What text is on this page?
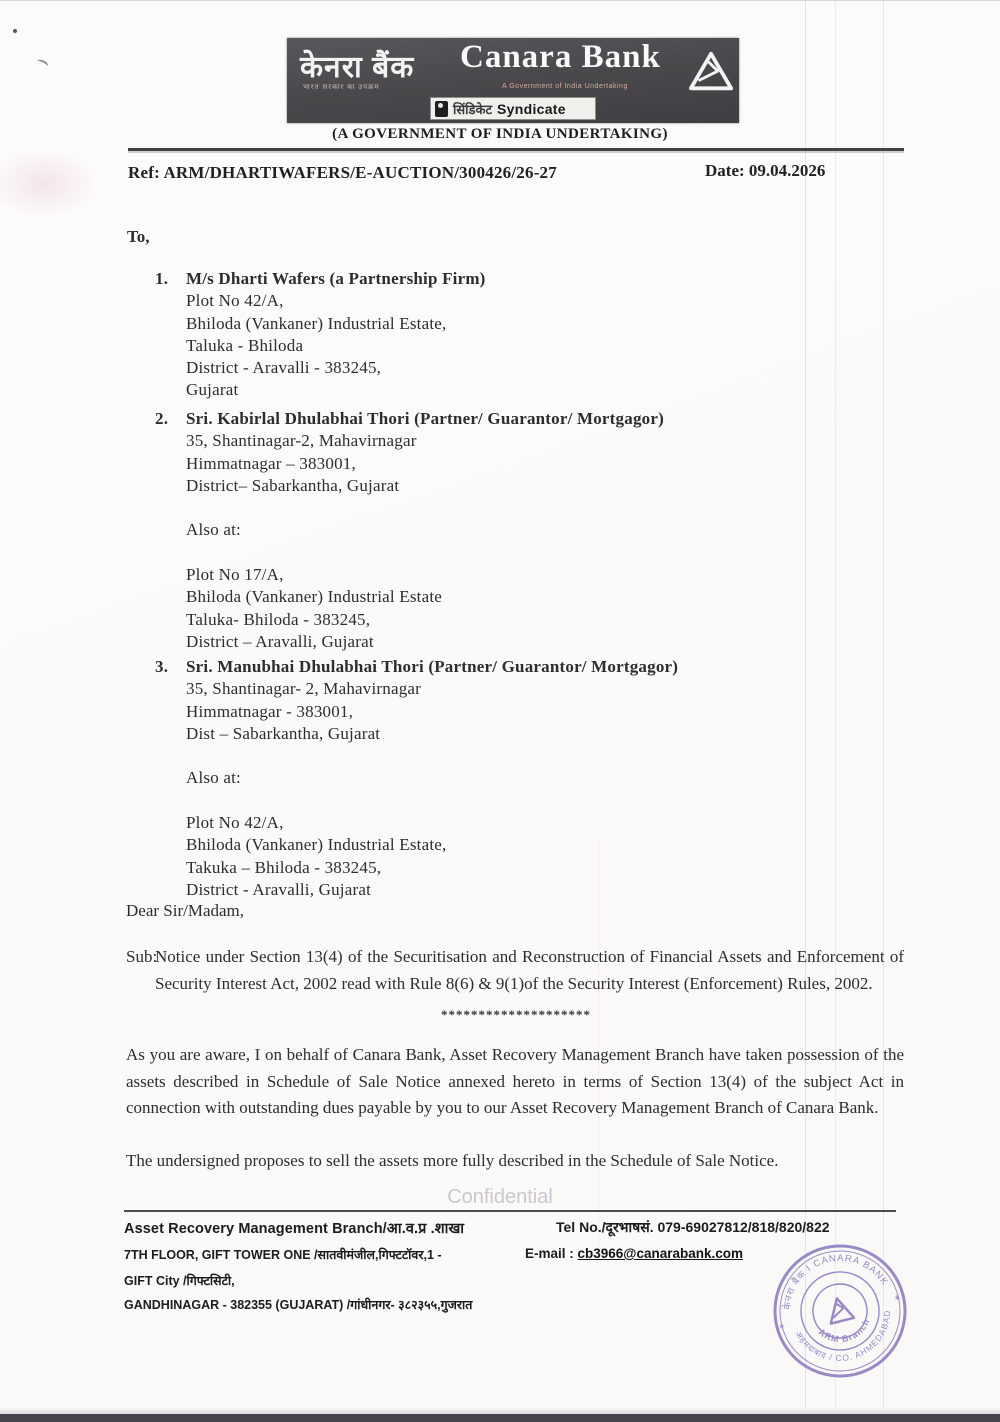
केनरा बैंक
भारत सरकार का उपक्रम
Canara Bank
A Government of India Undertaking
सिंडिकेट Syndicate
(A GOVERNMENT OF INDIA UNDERTAKING)
Ref: ARM/DHARTIWAFERS/E-AUCTION/300426/26-27	Date: 09.04.2026
To,
1. M/s Dharti Wafers (a Partnership Firm)
Plot No 42/A,
Bhiloda (Vankaner) Industrial Estate,
Taluka - Bhiloda
District - Aravalli - 383245,
Gujarat
2. Sri. Kabirlal Dhulabhai Thori (Partner/ Guarantor/ Mortgagor)
35, Shantinagar-2, Mahavirnagar
Himmatnagar – 383001,
District– Sabarkantha, Gujarat
Also at:
Plot No 17/A,
Bhiloda (Vankaner) Industrial Estate
Taluka- Bhiloda - 383245,
District – Aravalli, Gujarat
3. Sri. Manubhai Dhulabhai Thori (Partner/ Guarantor/ Mortgagor)
35, Shantinagar- 2, Mahavirnagar
Himmatnagar - 383001,
Dist – Sabarkantha, Gujarat
Also at:
Plot No 42/A,
Bhiloda (Vankaner) Industrial Estate,
Takuka – Bhiloda - 383245,
District - Aravalli, Gujarat
Dear Sir/Madam,
Sub:
Notice under Section 13(4) of the Securitisation and Reconstruction of Financial Assets and Enforcement of Security Interest Act, 2002 read with Rule 8(6) & 9(1)of the Security Interest (Enforcement) Rules, 2002.
********************
As you are aware, I on behalf of Canara Bank, Asset Recovery Management Branch have taken possession of the assets described in Schedule of Sale Notice annexed hereto in terms of Section 13(4) of the subject Act in connection with outstanding dues payable by you to our Asset Recovery Management Branch of Canara Bank.
The undersigned proposes to sell the assets more fully described in the Schedule of Sale Notice.
Confidential
Asset Recovery Management Branch/आ.व.प्र .शाखा
7TH FLOOR, GIFT TOWER ONE /सातवीमंजील,गिफ्टटॉवर,1 -
GIFT City /गिफ्टसिटी,
GANDHINAGAR - 382355 (GUJARAT) /गांधीनगर- ३८२३५५,गुजरात
Tel No./दूरभाषसं. 079-69027812/818/820/822
E-mail : cb3966@canarabank.com
केनरा बैंक I CANARA BANK
अहमदाबाद / CO. AHMEDABAD
ARM Branch
✶
✶
